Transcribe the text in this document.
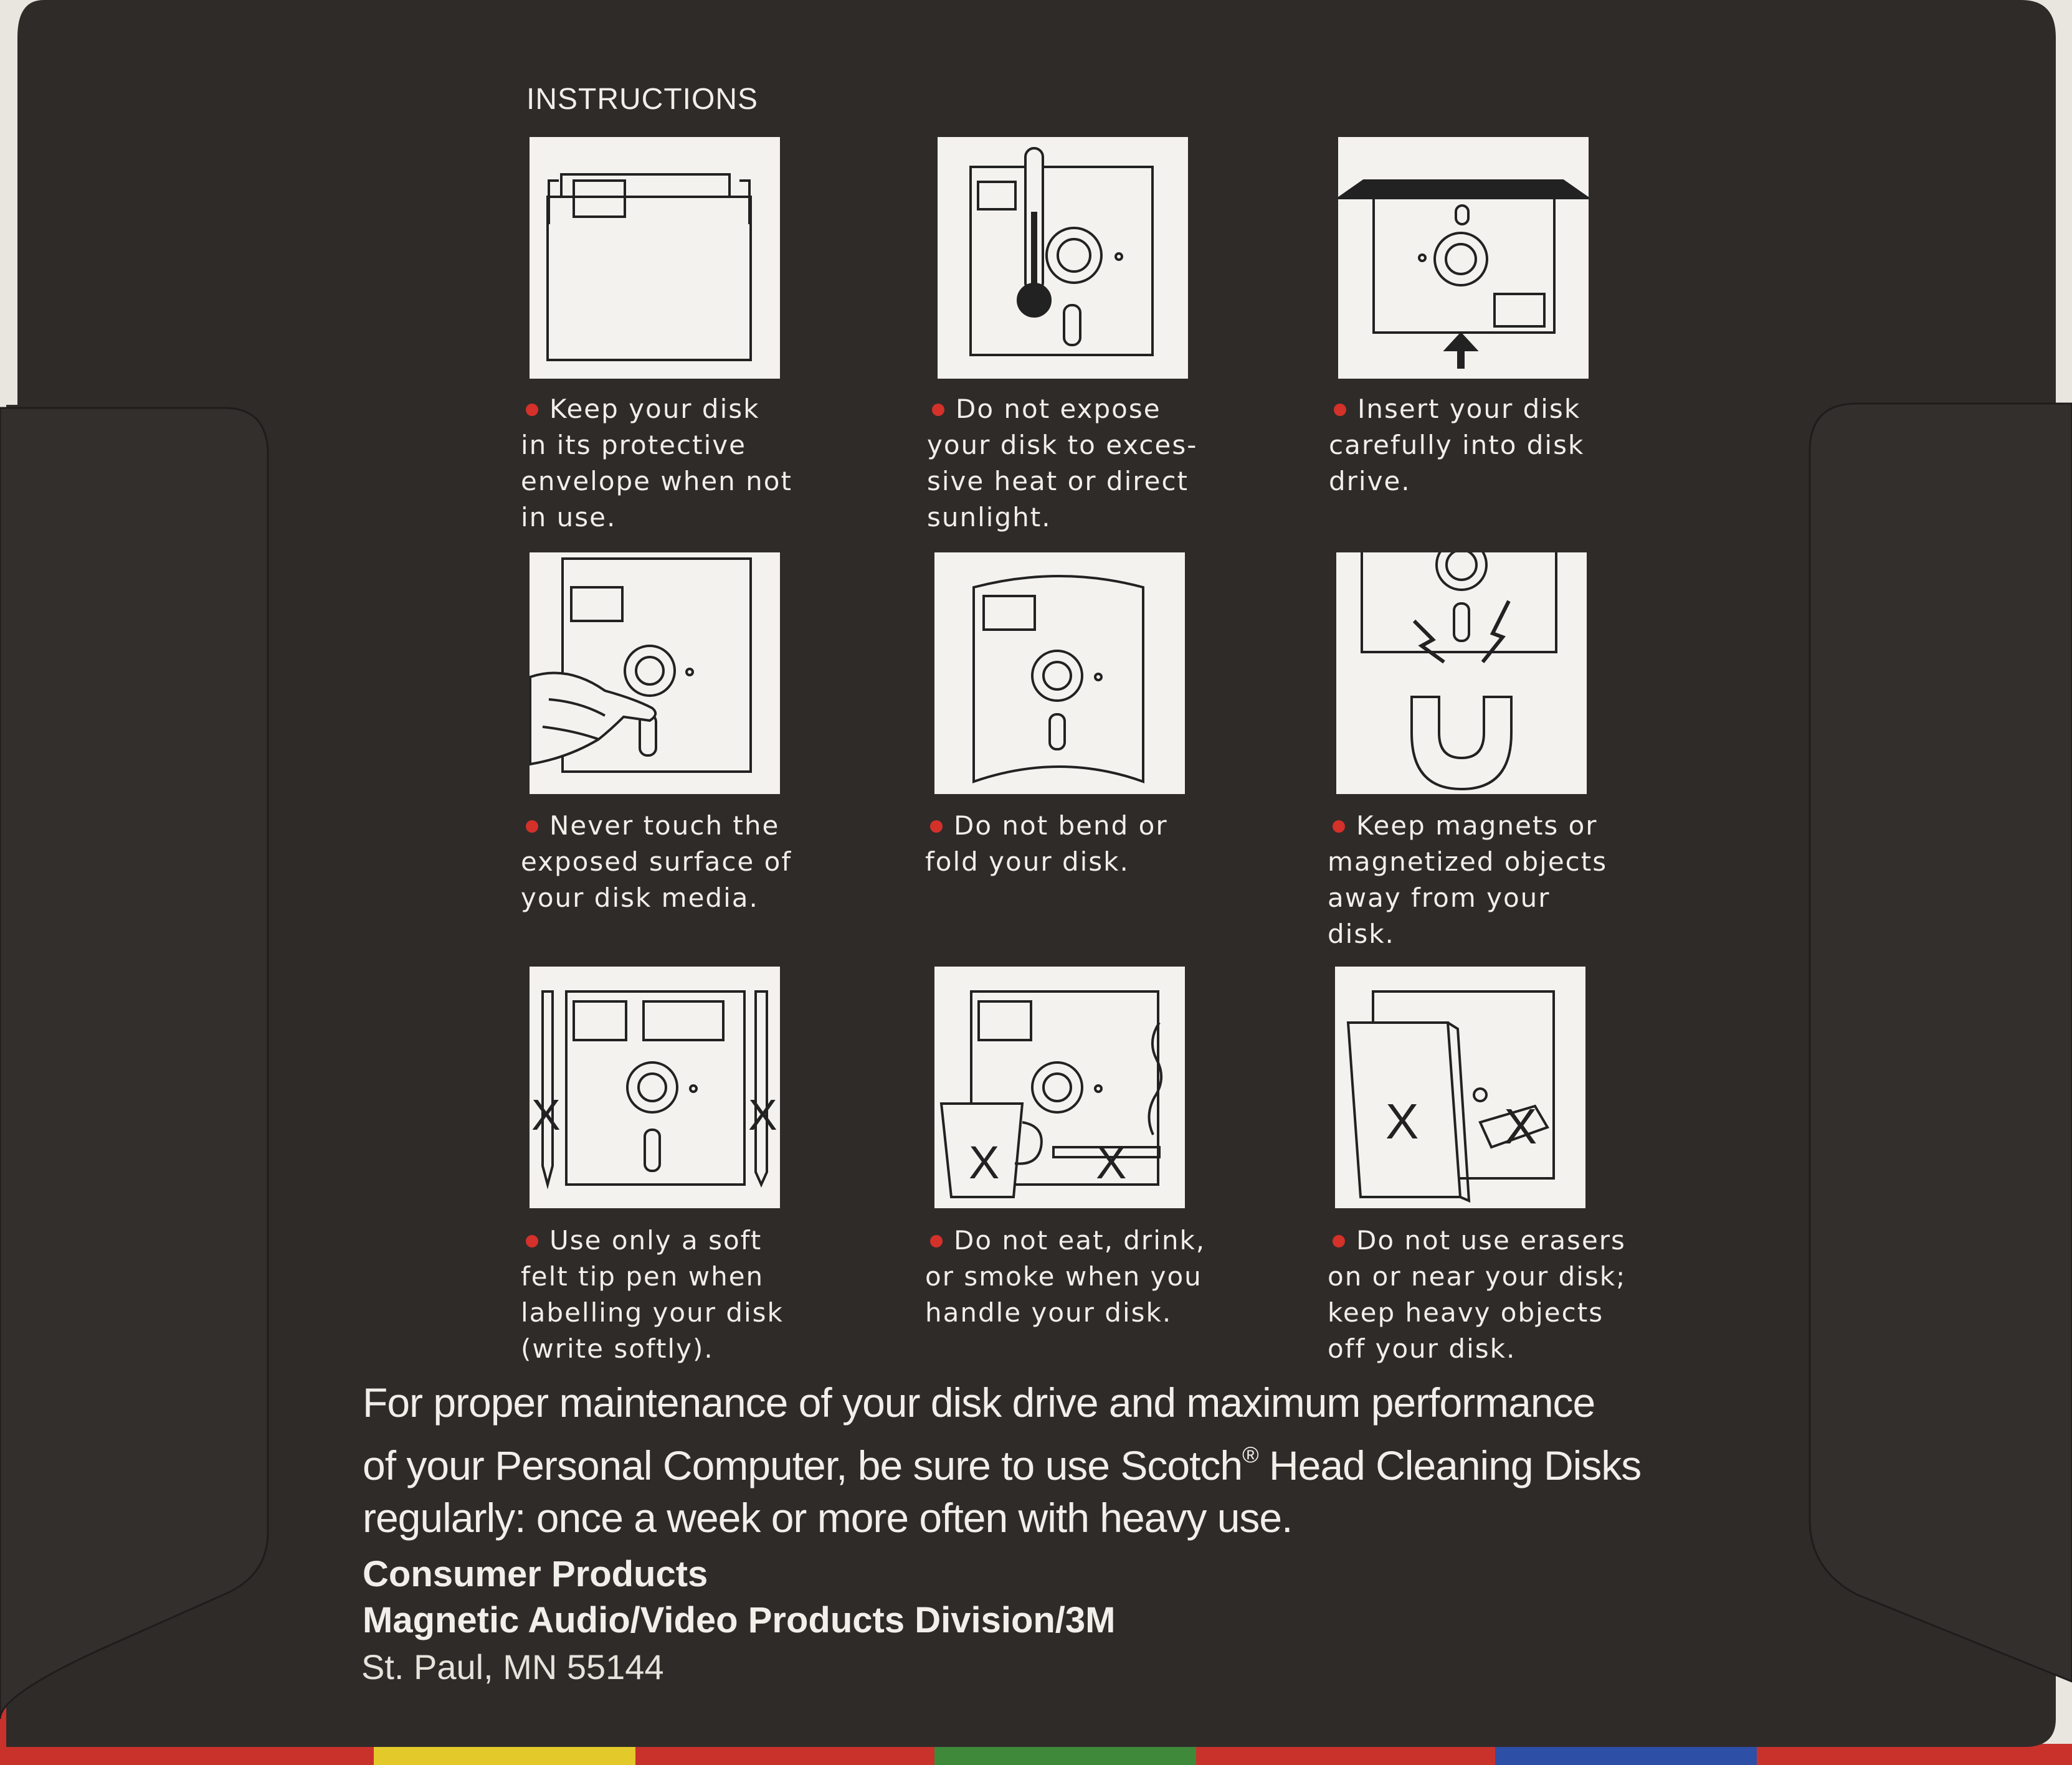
INSTRUCTIONS
X	X
X X
X X
Keep your disk
in its protective
envelope when not
in use.
Do not expose
your disk to exces-
sive heat or direct
sunlight.
Insert your disk
carefully into disk
drive.
Never touch the
exposed surface of
your disk media.
Do not bend or
fold your disk.
Keep magnets or
magnetized objects
away from your
disk.
Use only a soft
felt tip pen when
labelling your disk
(write softly).
Do not eat, drink,
or smoke when you
handle your disk.
Do not use erasers
on or near your disk;
keep heavy objects
off your disk.
For proper maintenance of your disk drive and maximum performance
of your Personal Computer, be sure to use Scotch® Head Cleaning Disks
regularly: once a week or more often with heavy use.
Consumer Products
Magnetic Audio/Video Products Division/3M
St. Paul, MN 55144
